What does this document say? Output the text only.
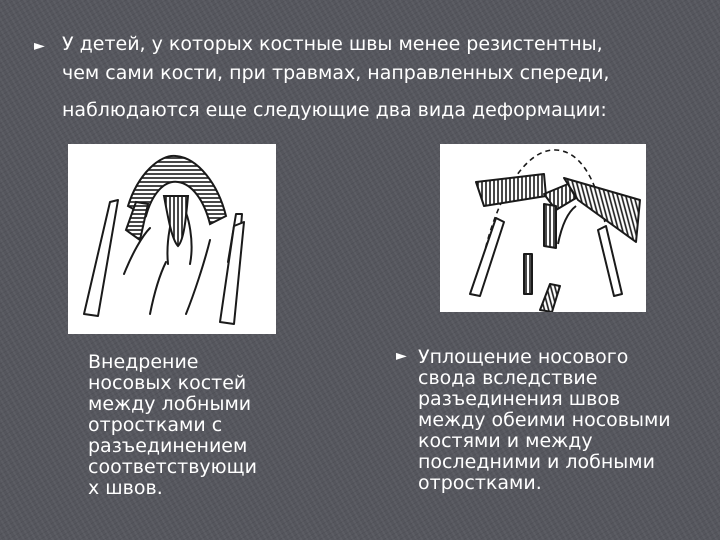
► У детей, у которых костные швы менее резистентны,
чем сами кости, при травмах, направленных спереди,
наблюдаются еще следующие два вида деформации:
Внедрение
носовых костей
между лобными
отростками с
разъединением
соответствующи
х швов.
► Уплощение носового
свода вследствие
разъединения швов
между обеими носовыми
костями и между
последними и лобными
отростками.
